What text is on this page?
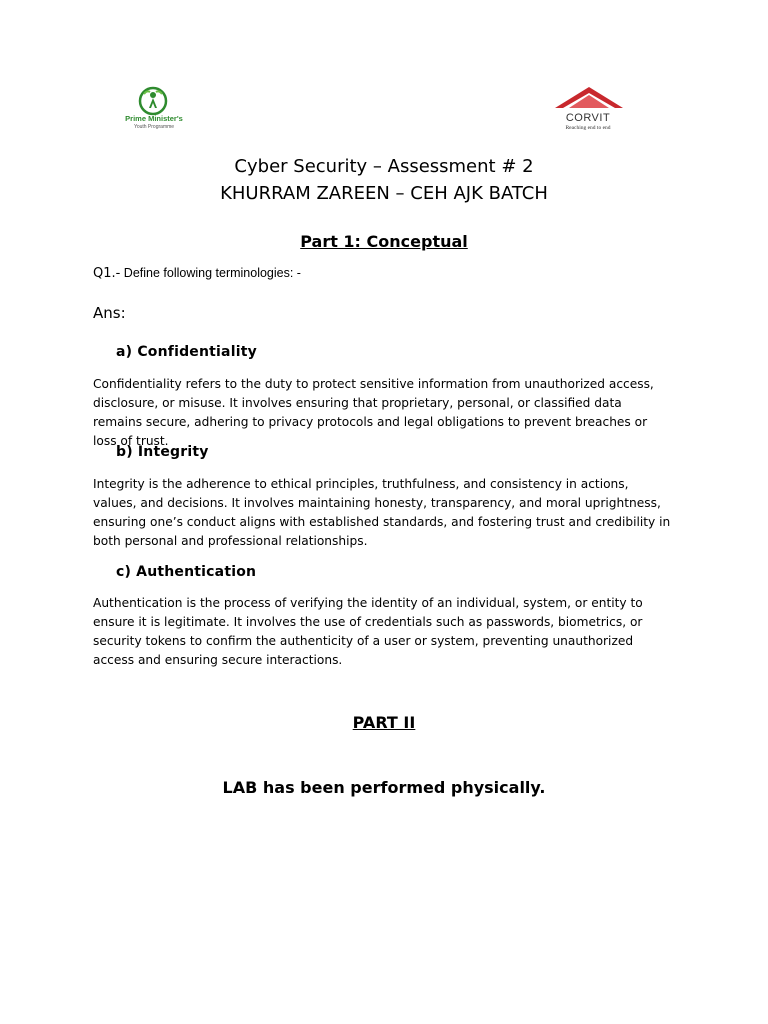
Prime Minister's
Youth Programme
CORVIT
Reaching end to end
Cyber Security – Assessment # 2
KHURRAM ZAREEN – CEH AJK BATCH
Part 1: Conceptual
Q1.- Define following terminologies: -
Ans:
a) Confidentiality
Confidentiality refers to the duty to protect sensitive information from unauthorized access, disclosure, or misuse. It involves ensuring that proprietary, personal, or classified data remains secure, adhering to privacy protocols and legal obligations to prevent breaches or loss of trust.
b) Integrity
Integrity is the adherence to ethical principles, truthfulness, and consistency in actions, values, and decisions. It involves maintaining honesty, transparency, and moral uprightness, ensuring one’s conduct aligns with established standards, and fostering trust and credibility in both personal and professional relationships.
c) Authentication
Authentication is the process of verifying the identity of an individual, system, or entity to ensure it is legitimate. It involves the use of credentials such as passwords, biometrics, or security tokens to confirm the authenticity of a user or system, preventing unauthorized access and ensuring secure interactions.
PART II
LAB has been performed physically.
